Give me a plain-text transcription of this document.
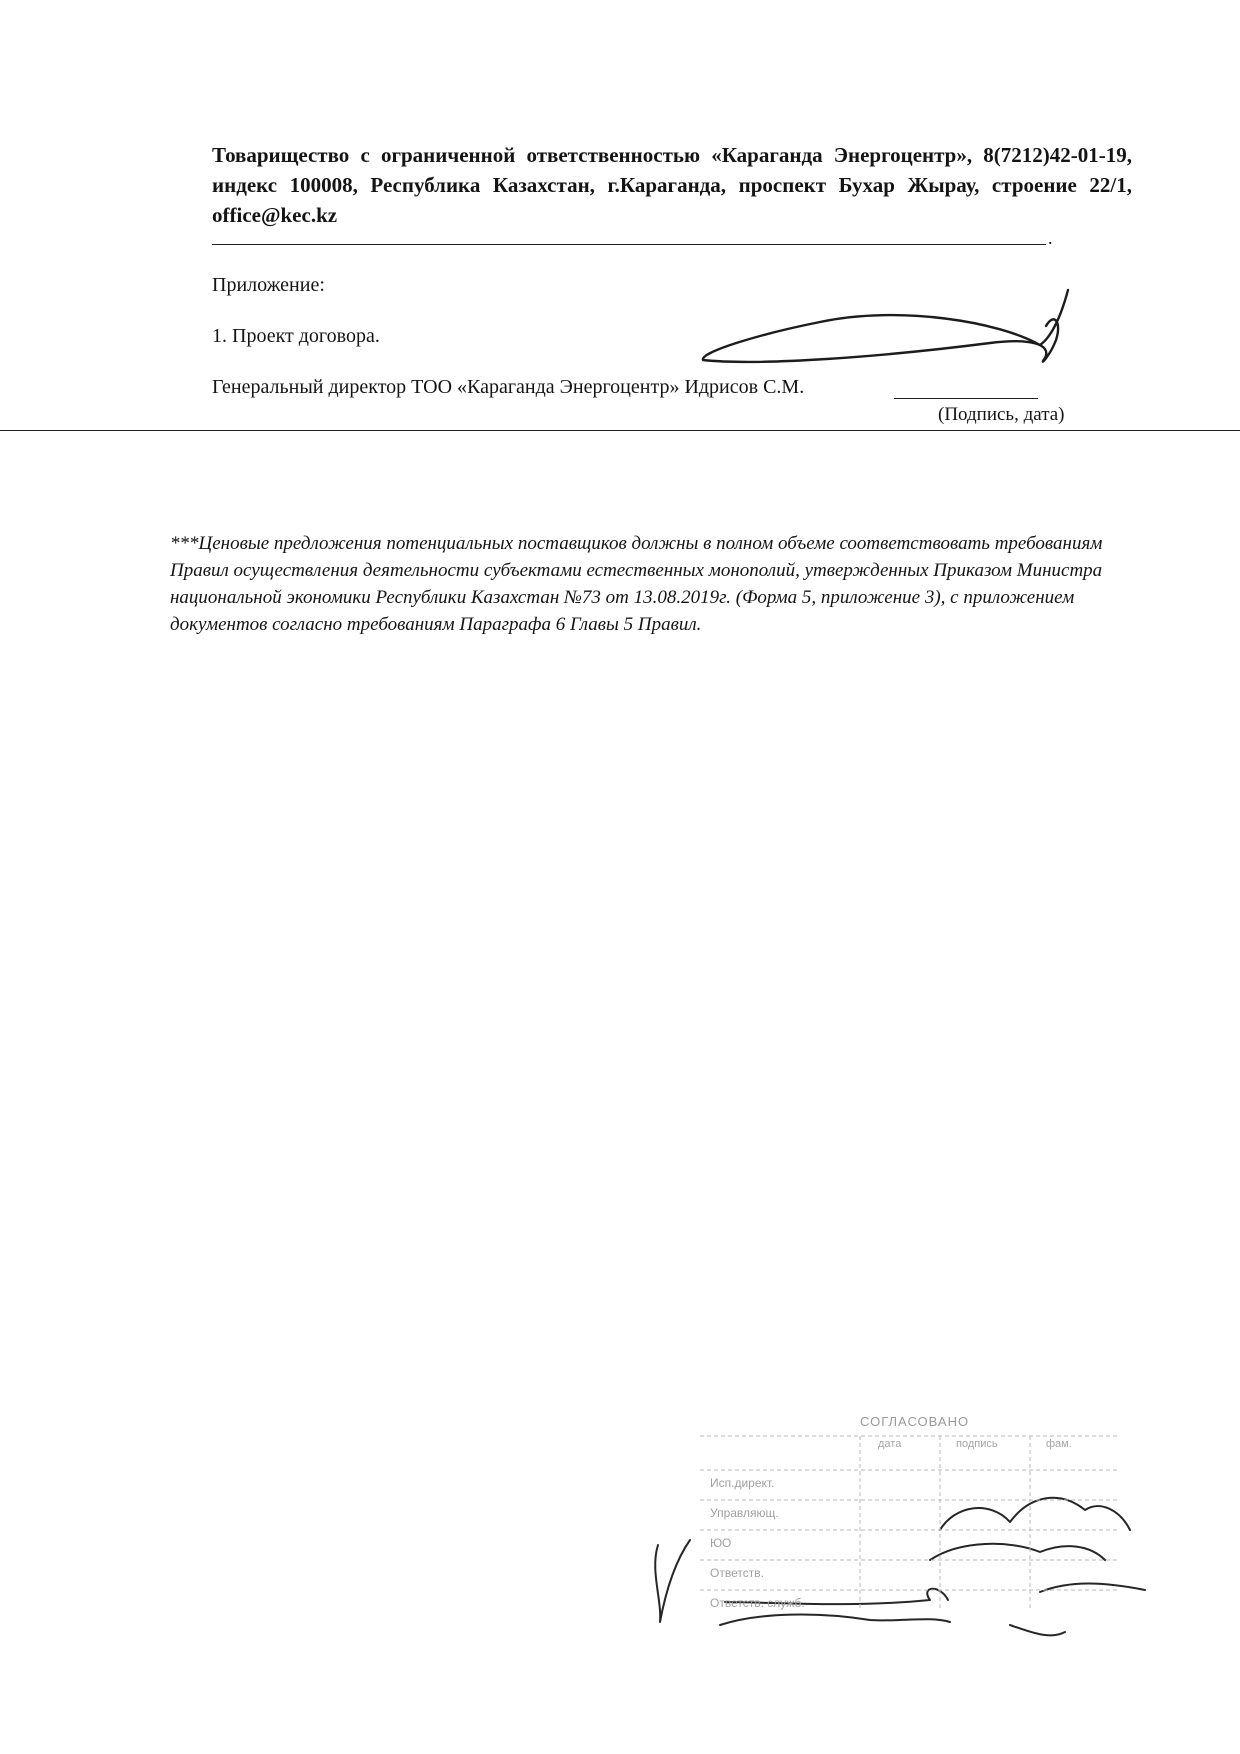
Товарищество с ограниченной ответственностью «Караганда Энергоцентр», 8(7212)42-01-19, индекс 100008, Республика Казахстан, г.Караганда, проспект Бухар Жырау, строение 22/1, office@kec.kz
.
Приложение:
1. Проект договора.
Генеральный директор ТОО «Караганда Энергоцентр» Идрисов С.М.
(Подпись, дата)
***Ценовые предложения потенциальных поставщиков должны в полном объеме соответствовать требованиям Правил осуществления деятельности субъектами естественных монополий, утвержденных Приказом Министра национальной экономики Республики Казахстан №73 от 13.08.2019г. (Форма 5, приложение 3), с приложением документов согласно требованиям Параграфа 6 Главы 5 Правил.
СОГЛАСОВАНО
дата	подпись	фам.
Исп.директ.
Управляющ.
ЮО
Ответств.
Ответств. служб.
